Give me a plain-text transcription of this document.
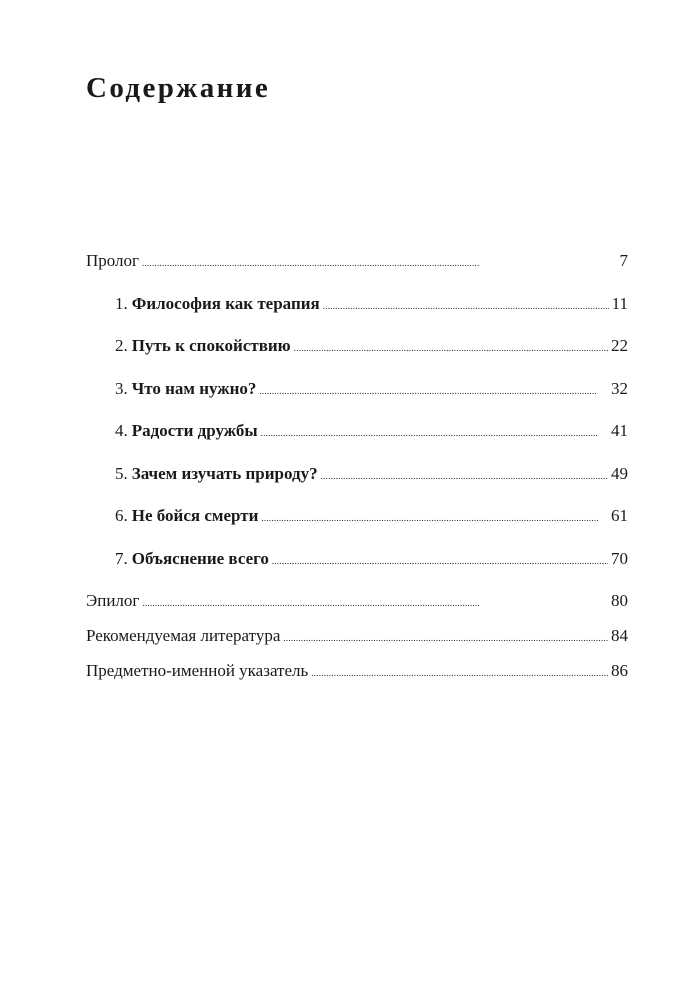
Содержание
Пролог . . .	7
1. Философия как терапия . . .	11
2. Путь к спокойствию . . .	22
3. Что нам нужно? . . .	32
4. Радости дружбы . . .	41
5. Зачем изучать природу? . . .	49
6. Не бойся смерти . . .	61
7. Объяснение всего . . .	70
Эпилог . . .	80
Рекомендуемая литература . . .	84
Предметно-именной указатель . . .	86
